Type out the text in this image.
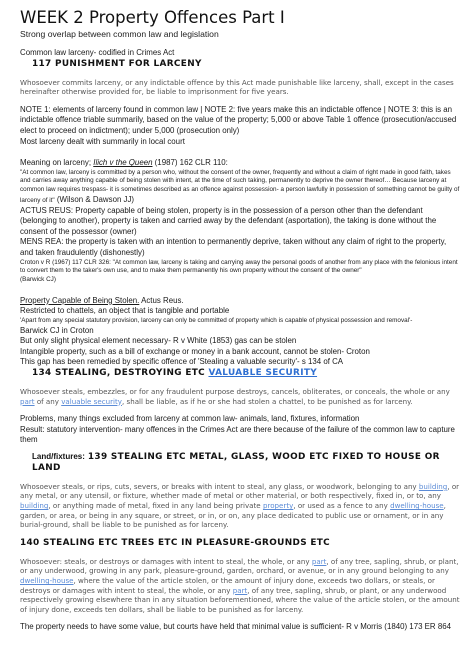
WEEK 2 Property Offences Part I
Strong overlap between common law and legislation
Common law larceny- codified in Crimes Act
117 PUNISHMENT FOR LARCENY
Whosoever commits larceny, or any indictable offence by this Act made punishable like larceny, shall, except in the cases hereinafter otherwise provided for, be liable to imprisonment for five years.
NOTE 1: elements of larceny found in common law | NOTE 2: five years make this an indictable offence | NOTE 3: this is an indictable offence triable summarily, based on the value of the property; 5,000 or above Table 1 offence (prosecution/accused elect to proceed on indictment); under 5,000 (prosecution only)
Most larceny dealt with summarily in local court
Meaning on larceny; Ilich v the Queen (1987) 162 CLR 110:
"At common law, larceny is committed by a person who, without the consent of the owner, frequently and without a claim of right made in good faith, takes and carries away anything capable of being stolen with intent, at the time of such taking, permanently to deprive the owner thereof… Because larceny at common law requires trespass- it is sometimes described as an offence against possession- a person lawfully in possession of something cannot be guilty of larceny of it" (Wilson & Dawson JJ)
ACTUS REUS: Property capable of being stolen, property is in the possession of a person other than the defendant (belonging to another), property is taken and carried away by the defendant (asportation), the taking is done without the consent of the possessor (owner)
MENS REA: the property is taken with an intention to permanently deprive, taken without any claim of right to the property, and taken fraudulently (dishonestly)
Croton v R (1967) 117 CLR 326: "At common law, larceny is taking and carrying away the personal goods of another from any place with the felonious intent to convert them to the taker's own use, and to make them permanently his own property without the consent of the owner"
(Barwick CJ)
Property Capable of Being Stolen. Actus Reus.
Restricted to chattels, an object that is tangible and portable
'Apart from any special statutory provision, larceny can only be committed of property which is capable of physical possession and removal'-
Barwick CJ in Croton
But only slight physical element necessary- R v White (1853) gas can be stolen
Intangible property, such as a bill of exchange or money in a bank account, cannot be stolen- Croton
This gap has been remedied by specific offence of 'Stealing a valuable security'- s 134 of CA
134 STEALING, DESTROYING ETC VALUABLE SECURITY
Whosoever steals, embezzles, or for any fraudulent purpose destroys, cancels, obliterates, or conceals, the whole or any part of any valuable security, shall be liable, as if he or she had stolen a chattel, to be punished as for larceny.
Problems, many things excluded from larceny at common law- animals, land, fixtures, information
Result: statutory intervention- many offences in the Crimes Act are there because of the failure of the common law to capture them
Land/fixtures: 139 STEALING ETC METAL, GLASS, WOOD ETC FIXED TO HOUSE OR LAND
Whosoever steals, or rips, cuts, severs, or breaks with intent to steal, any glass, or woodwork, belonging to any building, or any metal, or any utensil, or fixture, whether made of metal or other material, or both respectively, fixed in, or to, any building, or anything made of metal, fixed in any land being private property, or used as a fence to any dwelling-house, garden, or area, or being in any square, or street, or in, or on, any place dedicated to public use or ornament, or in any burial-ground, shall be liable to be punished as for larceny.
140 STEALING ETC TREES ETC IN PLEASURE-GROUNDS ETC
Whosoever: steals, or destroys or damages with intent to steal, the whole, or any part, of any tree, sapling, shrub, or plant, or any underwood, growing in any park, pleasure-ground, garden, orchard, or avenue, or in any ground belonging to any dwelling-house, where the value of the article stolen, or the amount of injury done, exceeds two dollars, or steals, or destroys or damages with intent to steal, the whole, or any part, of any tree, sapling, shrub, or plant, or any underwood respectively growing elsewhere than in any situation beforementioned, where the value of the article stolen, or the amount of injury done, exceeds ten dollars, shall be liable to be punished as for larceny.
The property needs to have some value, but courts have held that minimal value is sufficient- R v Morris (1840) 173 ER 864
